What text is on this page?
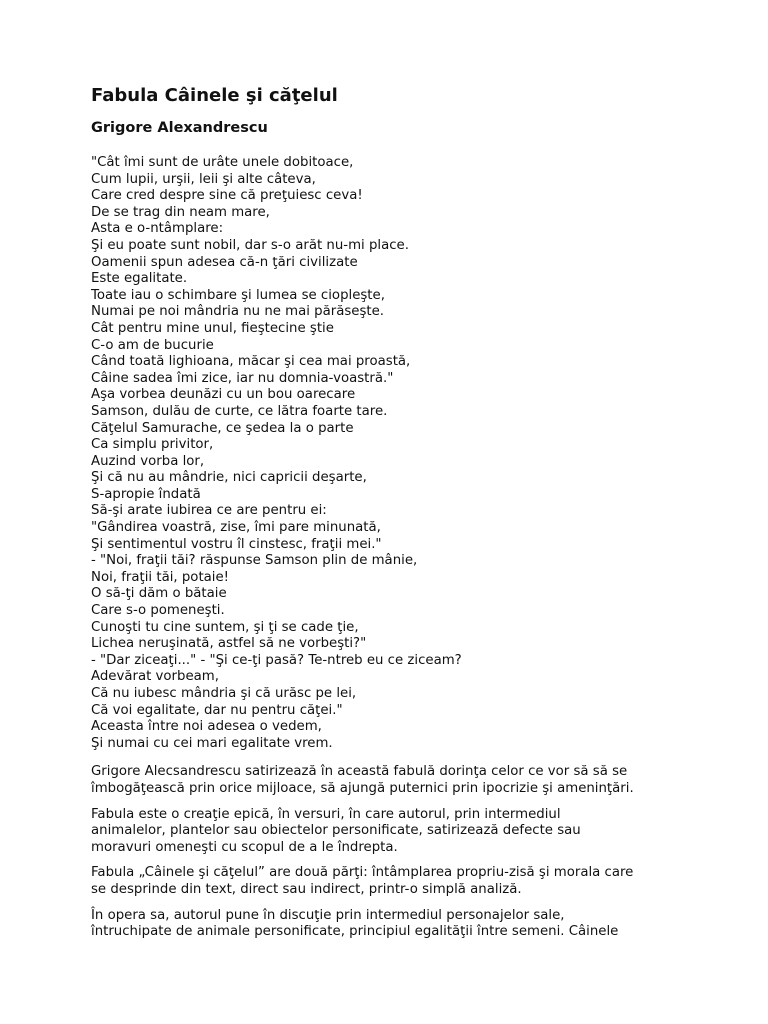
Fabula Câinele şi căţelul
Grigore Alexandrescu
"Cât îmi sunt de urâte unele dobitoace,
Cum lupii, urşii, leii şi alte câteva,
Care cred despre sine că preţuiesc ceva!
De se trag din neam mare,
Asta e o-ntâmplare:
Şi eu poate sunt nobil, dar s-o arăt nu-mi place.
Oamenii spun adesea că-n ţări civilizate
Este egalitate.
Toate iau o schimbare şi lumea se ciopleşte,
Numai pe noi mândria nu ne mai părăseşte.
Cât pentru mine unul, fieştecine ştie
C-o am de bucurie
Când toată lighioana, măcar şi cea mai proastă,
Câine sadea îmi zice, iar nu domnia-voastră."
Aşa vorbea deunăzi cu un bou oarecare
Samson, dulău de curte, ce lătra foarte tare.
Căţelul Samurache, ce şedea la o parte
Ca simplu privitor,
Auzind vorba lor,
Şi că nu au mândrie, nici capricii deşarte,
S-apropie îndată
Să-şi arate iubirea ce are pentru ei:
"Gândirea voastră, zise, îmi pare minunată,
Şi sentimentul vostru îl cinstesc, fraţii mei."
- "Noi, fraţii tăi? răspunse Samson plin de mânie,
Noi, fraţii tăi, potaie!
O să-ţi dăm o bătaie
Care s-o pomeneşti.
Cunoşti tu cine suntem, şi ţi se cade ţie,
Lichea neruşinată, astfel să ne vorbeşti?"
- "Dar ziceaţi..." - "Şi ce-ţi pasă? Te-ntreb eu ce ziceam?
Adevărat vorbeam,
Că nu iubesc mândria şi că urăsc pe lei,
Că voi egalitate, dar nu pentru căţei."
Aceasta între noi adesea o vedem,
Şi numai cu cei mari egalitate vrem.

Grigore Alecsandrescu satirizează în această fabulă dorinţa celor ce vor să să se
îmbogăţească prin orice mijloace, să ajungă puternici prin ipocrizie şi ameninţări.

Fabula este o creaţie epică, în versuri, în care autorul, prin intermediul
animalelor, plantelor sau obiectelor personificate, satirizează defecte sau
moravuri omeneşti cu scopul de a le îndrepta.

Fabula „Câinele şi căţelul” are două părţi: întâmplarea propriu-zisă şi morala care
se desprinde din text, direct sau indirect, printr-o simplă analiză.

În opera sa, autorul pune în discuţie prin intermediul personajelor sale,
întruchipate de animale personificate, principiul egalităţii între semeni. Câinele
